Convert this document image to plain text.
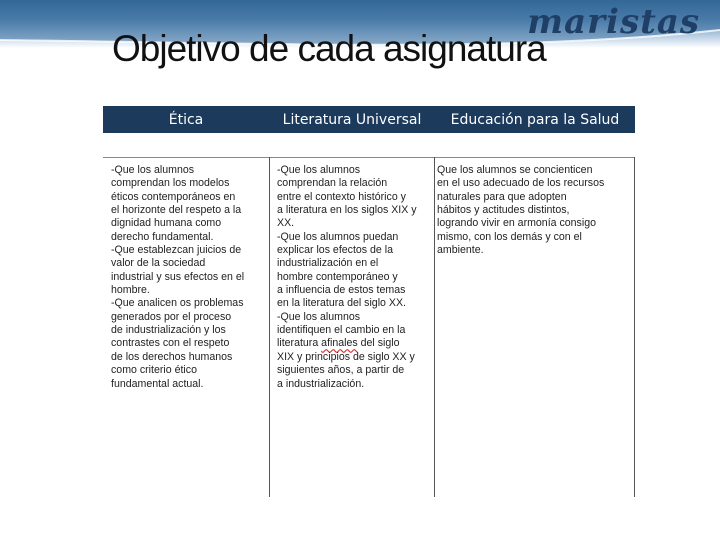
maristas
Objetivo de cada asignatura
Ética	Literatura Universal	Educación para la Salud
-Que los alumnos
comprendan los modelos
éticos contemporáneos en
el horizonte del respeto a la
dignidad humana como
derecho fundamental.
-Que establezcan juicios de
valor de la sociedad
industrial y sus efectos en el
hombre.
-Que analicen os problemas
generados por el proceso
de industrialización y los
contrastes con el respeto
de los derechos humanos
como criterio ético
fundamental actual.
-Que los alumnos
comprendan la relación
entre el contexto histórico y
a literatura en los siglos XIX y
XX.
-Que los alumnos puedan
explicar los efectos de la
industrialización en el
hombre contemporáneo y
a influencia de estos temas
en la literatura del siglo XX.
-Que los alumnos
identifiquen el cambio en la
literatura afinales del siglo
XIX y principios de siglo XX y
siguientes años, a partir de
a industrialización.
Que los alumnos se concienticen
en el uso adecuado de los recursos
naturales para que adopten
hábitos y actitudes distintos,
logrando vivir en armonía consigo
mismo, con los demás y con el
ambiente.
